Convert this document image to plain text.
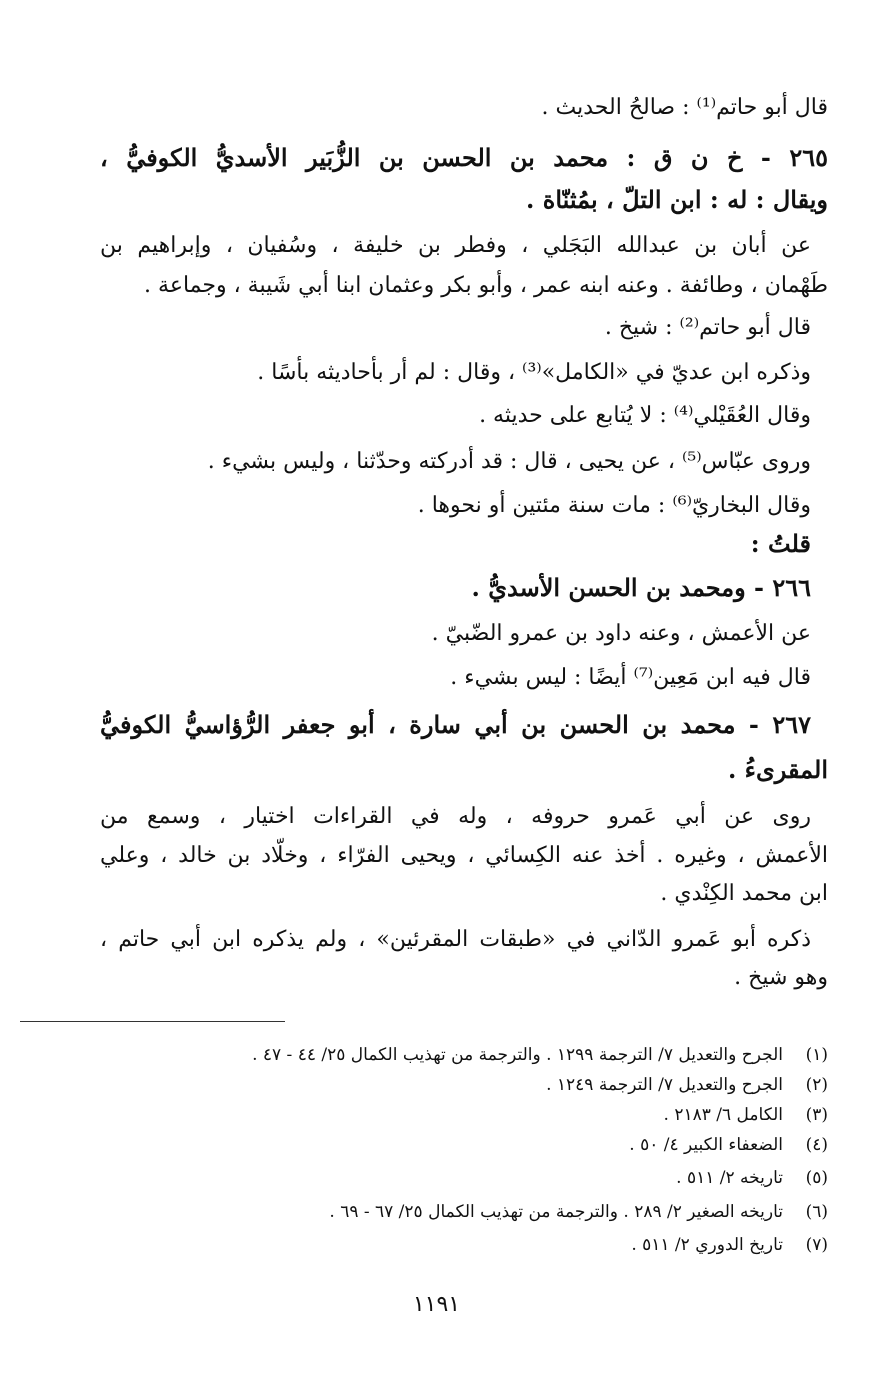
قال أبو حاتم⁽¹⁾ : صالحُ الحديث .
٢٦٥ - خ ن ق : محمد بن الحسن بن الزُّبَير الأسديُّ الكوفيُّ ،
ويقال : له : ابن التلّ ، بمُثنّاة .
عن أبان بن عبدالله البَجَلي ، وفطر بن خليفة ، وسُفيان ، وإبراهيم بن
طَهْمان ، وطائفة . وعنه ابنه عمر ، وأبو بكر وعثمان ابنا أبي شَيبة ، وجماعة .
قال أبو حاتم⁽²⁾ : شيخ .
وذكره ابن عديّ في «الكامل»⁽³⁾ ، وقال : لم أر بأحاديثه بأسًا .
وقال العُقَيْلي⁽⁴⁾ : لا يُتابع على حديثه .
وروى عبّاس⁽⁵⁾ ، عن يحيى ، قال : قد أدركته وحدّثنا ، وليس بشيء .
وقال البخاريّ⁽⁶⁾ : مات سنة مئتين أو نحوها .
قلتُ :
٢٦٦ - ومحمد بن الحسن الأسديُّ .
عن الأعمش ، وعنه داود بن عمرو الضّبيّ .
قال فيه ابن مَعِين⁽⁷⁾ أيضًا : ليس بشيء .
٢٦٧ - محمد بن الحسن بن أبي سارة ، أبو جعفر الرُّؤاسيُّ الكوفيُّ
المقرىءُ .
روى عن أبي عَمرو حروفه ، وله في القراءات اختيار ، وسمع من
الأعمش ، وغيره . أخذ عنه الكِسائي ، ويحيى الفرّاء ، وخلّاد بن خالد ، وعلي
ابن محمد الكِنْدي .
ذكره أبو عَمرو الدّاني في «طبقات المقرئين» ، ولم يذكره ابن أبي حاتم ،
وهو شيخ .
(١)الجرح والتعديل ٧/ الترجمة ١٢٩٩ . والترجمة من تهذيب الكمال ٢٥/ ٤٤ - ٤٧ .
(٢)الجرح والتعديل ٧/ الترجمة ١٢٤٩ .
(٣)الكامل ٦/ ٢١٨٣ .
(٤)الضعفاء الكبير ٤/ ٥٠ .
(٥)تاريخه ٢/ ٥١١ .
(٦)تاريخه الصغير ٢/ ٢٨٩ . والترجمة من تهذيب الكمال ٢٥/ ٦٧ - ٦٩ .
(٧)تاريخ الدوري ٢/ ٥١١ .
١١٩١
